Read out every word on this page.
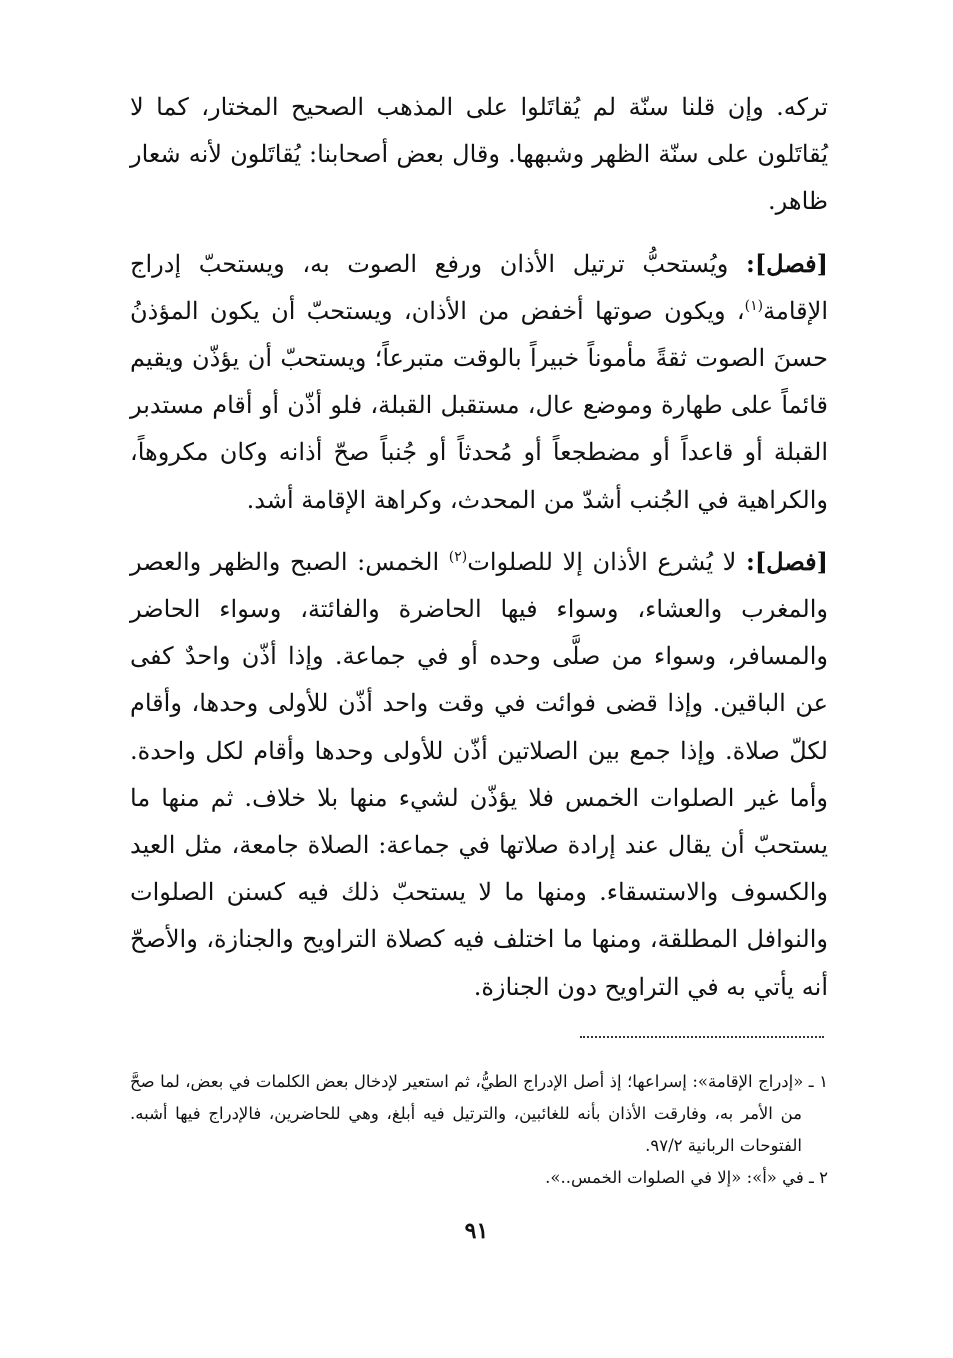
تركه. وإن قلنا سنّة لم يُقاتَلوا على المذهب الصحيح المختار، كما لا يُقاتَلون على سنّة الظهر وشبهها. وقال بعض أصحابنا: يُقاتَلون لأنه شعار ظاهر.

[فصل]: ويُستحبُّ ترتيل الأذان ورفع الصوت به، ويستحبّ إدراج الإقامة$^{(١)}$، ويكون صوتها أخفض من الأذان، ويستحبّ أن يكون المؤذنُ حسنَ الصوت ثقةً مأموناً خبيراً بالوقت متبرعاً؛ ويستحبّ أن يؤذّن ويقيم قائماً على طهارة وموضع عال، مستقبل القبلة، فلو أذّن أو أقام مستدبر القبلة أو قاعداً أو مضطجعاً أو مُحدثاً أو جُنباً صحّ أذانه وكان مكروهاً، والكراهية في الجُنب أشدّ من المحدث، وكراهة الإقامة أشد.

[فصل]: لا يُشرع الأذان إلا للصلوات$^{(٢)}$ الخمس: الصبح والظهر والعصر والمغرب والعشاء، وسواء فيها الحاضرة والفائتة، وسواء الحاضر والمسافر، وسواء من صلَّى وحده أو في جماعة. وإذا أذّن واحدٌ كفى عن الباقين. وإذا قضى فوائت في وقت واحد أذّن للأولى وحدها، وأقام لكلّ صلاة. وإذا جمع بين الصلاتين أذّن للأولى وحدها وأقام لكل واحدة. وأما غير الصلوات الخمس فلا يؤذّن لشيء منها بلا خلاف. ثم منها ما يستحبّ أن يقال عند إرادة صلاتها في جماعة: الصلاة جامعة، مثل العيد والكسوف والاستسقاء. ومنها ما لا يستحبّ ذلك فيه كسنن الصلوات والنوافل المطلقة، ومنها ما اختلف فيه كصلاة التراويح والجنازة، والأصحّ أنه يأتي به في التراويح دون الجنازة.

١ ـ «إدراج الإقامة»: إسراعها؛ إذ أصل الإدراج الطيُّ، ثم استعير لإدخال بعض الكلمات في بعض، لما صحَّ من الأمر به، وفارقت الأذان بأنه للغائبين، والترتيل فيه أبلغ، وهي للحاضرين، فالإدراج فيها أشبه. الفتوحات الربانية ٩٧/٢.

٢ ـ في «أ»: «إلا في الصلوات الخمس..».

٩١
